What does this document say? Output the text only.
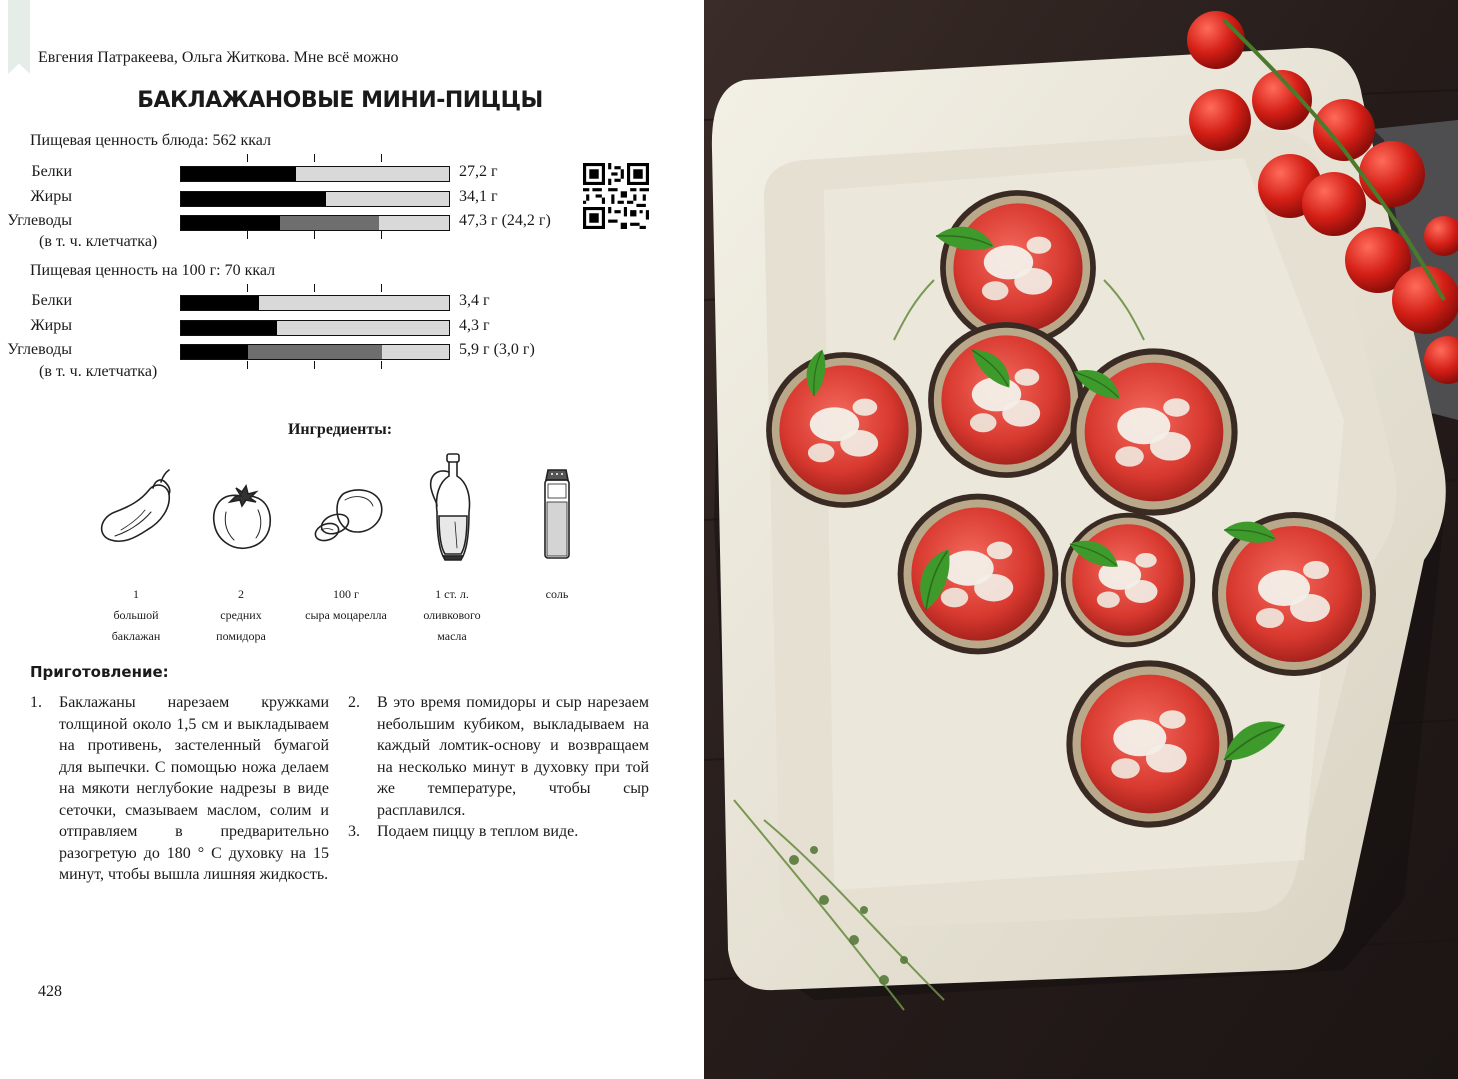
Евгения Патракеева, Ольга Житкова. Мне всё можно
БАКЛАЖАНОВЫЕ МИНИ-ПИЦЦЫ
Пищевая ценность блюда: 562 ккал
Белки	27,2 г
Жиры	34,1 г
Углеводы	47,3 г (24,2 г)
(в т. ч. клетчатка)
Пищевая ценность на 100 г: 70 ккал
Белки	3,4 г
Жиры	4,3 г
Углеводы	5,9 г (3,0 г)
(в т. ч. клетчатка)
Ингредиенты:
1
большой
баклажан
2
средних
помидора
100 г
сыра моцарелла
1 ст. л.
оливкового
масла
соль
Приготовление:
1. Баклажаны нарезаем кружками толщиной около 1,5 см и выкладываем на противень, застеленный бумагой для выпечки. С помощью ножа делаем на мякоти неглубокие надрезы в виде сеточки, смазываем маслом, солим и отправляем в предварительно разогретую до 180 ° С духовку на 15 минут, чтобы вышла лишняя жидкость.
2. В это время помидоры и сыр нарезаем небольшим кубиком, выкладываем на каждый ломтик-основу и возвращаем на несколько минут в духовку при той же температуре, чтобы сыр расплавился.
3. Подаем пиццу в теплом виде.
428
